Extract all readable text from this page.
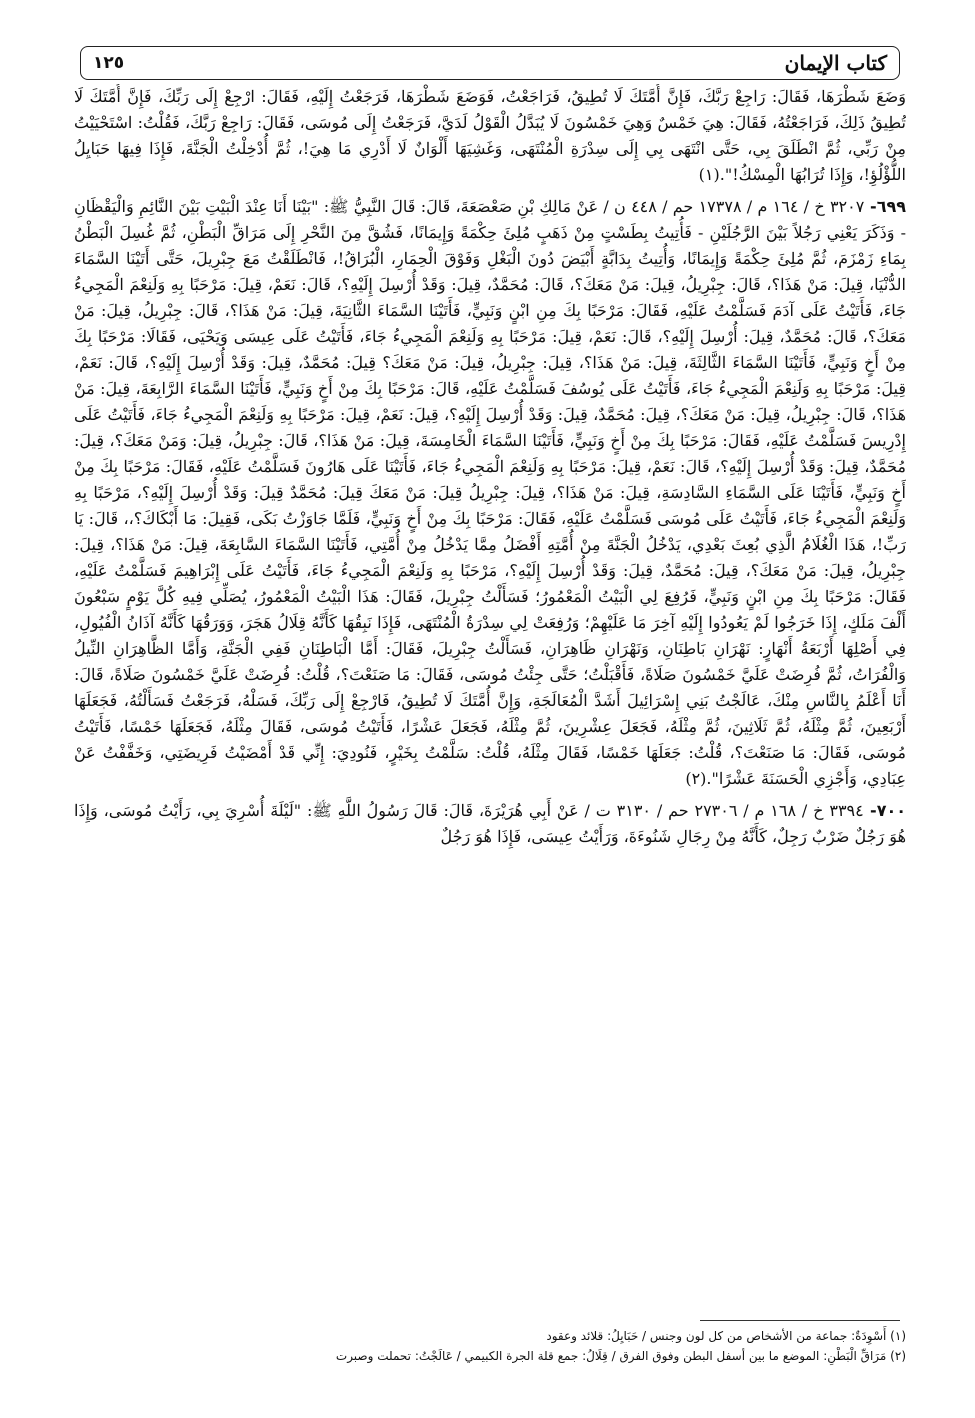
كتاب الإيمان
١٢٥

وَضَعَ شَطْرَهَا، فَقَالَ: رَاجِعْ رَبَّكَ، فَإِنَّ أُمَّتَكَ لَا تُطِيقُ، فَرَاجَعْتُ، فَوَضَعَ شَطْرَهَا، فَرَجَعْتُ إِلَيْهِ، فَقَالَ: ارْجِعْ إِلَى رَبِّكَ، فَإِنَّ أُمَّتَكَ لَا تُطِيقُ ذَلِكَ، فَرَاجَعْتُهُ، فَقَالَ: هِيَ خَمْسٌ وَهِيَ خَمْسُونَ لَا يُبَدَّلُ الْقَوْلُ لَدَيَّ، فَرَجَعْتُ إِلَى مُوسَى، فَقَالَ: رَاجِعْ رَبَّكَ، فَقُلْتُ: اسْتَحْيَيْتُ مِنْ رَبِّي، ثُمَّ انْطَلَقَ بِي، حَتَّى انْتَهَى بِي إِلَى سِدْرَةِ الْمُنْتَهَى، وَغَشِيَهَا أَلْوَانٌ لَا أَدْرِي مَا هِيَ!، ثُمَّ أُدْخِلْتُ الْجَنَّةَ، فَإِذَا فِيهَا حَبَايِلُ اللُّؤْلُؤِ!، وَإِذَا تُرَابُهَا الْمِسْكُ!".(١)

٦٩٩- ٣٢٠٧ خ / ١٦٤ م / ١٧٣٧٨ حم / ٤٤٨ ن / عَنْ مَالِكِ بْنِ صَعْصَعَةَ، قَالَ: قَالَ النَّبِيُّ ﷺ: "بَيْنَا أَنَا عِنْدَ الْبَيْتِ بَيْنَ النَّائِمِ وَالْيَقْظَانِ - وَذَكَرَ يَعْنِي رَجُلاً بَيْنَ الرَّجُلَيْنِ - فَأُتِيتُ بِطَسْتٍ مِنْ ذَهَبٍ مُلِئَ حِكْمَةً وَإِيمَانًا، فَشُقَّ مِنَ النَّحْرِ إِلَى مَرَاقِّ الْبَطْنِ، ثُمَّ غُسِلَ الْبَطْنُ بِمَاءِ زَمْزَمَ، ثُمَّ مُلِئَ حِكْمَةً وَإِيمَانًا، وَأُتِيتُ بِدَابَّةٍ أَبْيَضَ دُونَ الْبَغْلِ وَفَوْقَ الْحِمَارِ، الْبُرَاقُ!، فَانْطَلَقْتُ مَعَ جِبْرِيلَ، حَتَّى أَتَيْنَا السَّمَاءَ الدُّنْيَا، قِيلَ: مَنْ هَذَا؟، قَالَ: جِبْرِيلُ، قِيلَ: مَنْ مَعَكَ؟، قَالَ: مُحَمَّدٌ، قِيلَ: وَقَدْ أُرْسِلَ إِلَيْهِ؟، قَالَ: نَعَمْ، قِيلَ: مَرْحَبًا بِهِ وَلَنِعْمَ الْمَجِيءُ جَاءَ، فَأَتَيْتُ عَلَى آدَمَ فَسَلَّمْتُ عَلَيْهِ، فَقَالَ: مَرْحَبًا بِكَ مِنِ ابْنٍ وَنَبِيٍّ، فَأَتَيْنَا السَّمَاءَ الثَّانِيَةَ، قِيلَ: مَنْ هَذَا؟، قَالَ: جِبْرِيلُ، قِيلَ: مَنْ مَعَكَ؟، قَالَ: مُحَمَّدٌ، قِيلَ: أُرْسِلَ إِلَيْهِ؟، قَالَ: نَعَمْ، قِيلَ: مَرْحَبًا بِهِ وَلَنِعْمَ الْمَجِيءُ جَاءَ، فَأَتَيْتُ عَلَى عِيسَى وَيَحْيَى، فَقَالَا: مَرْحَبًا بِكَ مِنْ أَخٍ وَنَبِيٍّ، فَأَتَيْنَا السَّمَاءَ الثَّالِثَةَ، قِيلَ: مَنْ هَذَا؟، قِيلَ: جِبْرِيلُ، قِيلَ: مَنْ مَعَكَ؟ قِيلَ: مُحَمَّدٌ، قِيلَ: وَقَدْ أُرْسِلَ إِلَيْهِ؟، قَالَ: نَعَمْ، قِيلَ: مَرْحَبًا بِهِ وَلَنِعْمَ الْمَجِيءُ جَاءَ، فَأَتَيْتُ عَلَى يُوسُفَ فَسَلَّمْتُ عَلَيْهِ، قَالَ: مَرْحَبًا بِكَ مِنْ أَخٍ وَنَبِيٍّ، فَأَتَيْنَا السَّمَاءَ الرَّابِعَةَ، قِيلَ: مَنْ هَذَا؟، قَالَ: جِبْرِيلُ، قِيلَ: مَنْ مَعَكَ؟، قِيلَ: مُحَمَّدٌ، قِيلَ: وَقَدْ أُرْسِلَ إِلَيْهِ؟، قِيلَ: نَعَمْ، قِيلَ: مَرْحَبًا بِهِ وَلَنِعْمَ الْمَجِيءُ جَاءَ، فَأَتَيْتُ عَلَى إِدْرِيسَ فَسَلَّمْتُ عَلَيْهِ، فَقَالَ: مَرْحَبًا بِكَ مِنْ أَخٍ وَنَبِيٍّ، فَأَتَيْنَا السَّمَاءَ الْخَامِسَةَ، قِيلَ: مَنْ هَذَا؟، قَالَ: جِبْرِيلُ، قِيلَ: وَمَنْ مَعَكَ؟، قِيلَ: مُحَمَّدٌ، قِيلَ: وَقَدْ أُرْسِلَ إِلَيْهِ؟، قَالَ: نَعَمْ، قِيلَ: مَرْحَبًا بِهِ وَلَنِعْمَ الْمَجِيءُ جَاءَ، فَأَتَيْنَا عَلَى هَارُونَ فَسَلَّمْتُ عَلَيْهِ، فَقَالَ: مَرْحَبًا بِكَ مِنْ أَخٍ وَنَبِيٍّ، فَأَتَيْنَا عَلَى السَّمَاءِ السَّادِسَةِ، قِيلَ: مَنْ هَذَا؟، قِيلَ: جِبْرِيلُ قِيلَ: مَنْ مَعَكَ قِيلَ: مُحَمَّدٌ قِيلَ: وَقَدْ أُرْسِلَ إِلَيْهِ؟، مَرْحَبًا بِهِ وَلَنِعْمَ الْمَجِيءُ جَاءَ، فَأَتَيْتُ عَلَى مُوسَى فَسَلَّمْتُ عَلَيْهِ، فَقَالَ: مَرْحَبًا بِكَ مِنْ أَخٍ وَنَبِيٍّ، فَلَمَّا جَاوَزْتُ بَكَى، فَقِيلَ: مَا أَبْكَاكَ؟،، قَالَ: يَا رَبِّ!، هَذَا الْغُلَامُ الَّذِي بُعِثَ بَعْدِي، يَدْخُلُ الْجَنَّةَ مِنْ أُمَّتِهِ أَفْضَلُ مِمَّا يَدْخُلُ مِنْ أُمَّتِي، فَأَتَيْنَا السَّمَاءَ السَّابِعَةَ، قِيلَ: مَنْ هَذَا؟، قِيلَ: جِبْرِيلُ، قِيلَ: مَنْ مَعَكَ؟، قِيلَ: مُحَمَّدٌ، قِيلَ: وَقَدْ أُرْسِلَ إِلَيْهِ؟، مَرْحَبًا بِهِ وَلَنِعْمَ الْمَجِيءُ جَاءَ، فَأَتَيْتُ عَلَى إِبْرَاهِيمَ فَسَلَّمْتُ عَلَيْهِ، فَقَالَ: مَرْحَبًا بِكَ مِنِ ابْنٍ وَنَبِيٍّ، فَرُفِعَ لِي الْبَيْتُ الْمَعْمُورُ؛ فَسَأَلْتُ جِبْرِيلَ، فَقَالَ: هَذَا الْبَيْتُ الْمَعْمُورُ، يُصَلِّي فِيهِ كُلَّ يَوْمٍ سَبْعُونَ أَلْفَ مَلَكٍ، إِذَا خَرَجُوا لَمْ يَعُودُوا إِلَيْهِ آخِرَ مَا عَلَيْهِمْ؛ وَرُفِعَتْ لِي سِدْرَةُ الْمُنْتَهَى، فَإِذَا نَبِقُهَا كَأَنَّهُ قِلَالُ هَجَرَ، وَوَرَقُهَا كَأَنَّهُ آذَانُ الْفُيُولِ، فِي أَصْلِهَا أَرْبَعَةُ أَنْهَارٍ: نَهْرَانِ بَاطِنَانِ، وَنَهْرَانِ ظَاهِرَانِ، فَسَأَلْتُ جِبْرِيلَ، فَقَالَ: أَمَّا الْبَاطِنَانِ فَفِي الْجَنَّةِ، وَأَمَّا الظَّاهِرَانِ النِّيلُ وَالْفُرَاتُ، ثُمَّ فُرِضَتْ عَلَيَّ خَمْسُونَ صَلَاةً، فَأَقْبَلْتُ؛ حَتَّى جِئْتُ مُوسَى، فَقَالَ: مَا صَنَعْتَ؟، قُلْتُ: فُرِضَتْ عَلَيَّ خَمْسُونَ صَلَاةً، قَالَ: أَنَا أَعْلَمُ بِالنَّاسِ مِنْكَ، عَالَجْتُ بَنِي إِسْرَائِيلَ أَشَدَّ الْمُعَالَجَةِ، وَإِنَّ أُمَّتَكَ لَا تُطِيقُ، فَارْجِعْ إِلَى رَبِّكَ، فَسَلْهُ، فَرَجَعْتُ فَسَأَلْتُهُ، فَجَعَلَهَا أَرْبَعِينَ، ثُمَّ مِثْلَهُ، ثُمَّ ثَلَاثِينَ، ثُمَّ مِثْلَهُ، فَجَعَلَ عِشْرِينَ، ثُمَّ مِثْلَهُ، فَجَعَلَ عَشْرًا، فَأَتَيْتُ مُوسَى، فَقَالَ مِثْلَهُ، فَجَعَلَهَا خَمْسًا، فَأَتَيْتُ مُوسَى، فَقَالَ: مَا صَنَعْتَ؟، قُلْتُ: جَعَلَهَا خَمْسًا، فَقَالَ مِثْلَهُ، قُلْتُ: سَلَّمْتُ بِخَيْرٍ، فَنُودِيَ: إِنِّي قَدْ أَمْضَيْتُ فَرِيضَتِي، وَخَفَّفْتُ عَنْ عِبَادِي، وَأَجْزِي الْحَسَنَةَ عَشْرًا".(٢)

٧٠٠- ٣٣٩٤ خ / ١٦٨ م / ٢٧٣٠٦ حم / ٣١٣٠ ت / عَنْ أَبِي هُرَيْرَةَ، قَالَ: قَالَ رَسُولُ اللَّهِ ﷺ: "لَيْلَةَ أُسْرِيَ بِي، رَأَيْتُ مُوسَى، وَإِذَا هُوَ رَجُلٌ ضَرْبٌ رَجِلٌ، كَأَنَّهُ مِنْ رِجَالِ شَنُوءَةَ، وَرَأَيْتُ عِيسَى، فَإِذَا هُوَ رَجُلٌ

(١) أَسْوِدَةٌ: جماعة من الأشخاص من كل لون وجنس / حَبَايِلُ: قلائد وعقود

(٢) مَرَاقِّ الْبَطْنِ: الموضع ما بين أسفل البطن وفوق الفرق / قِلَالُ: جمع قلة الجرة الكبيمي / عَالَجْتُ: تحملت وصبرت
